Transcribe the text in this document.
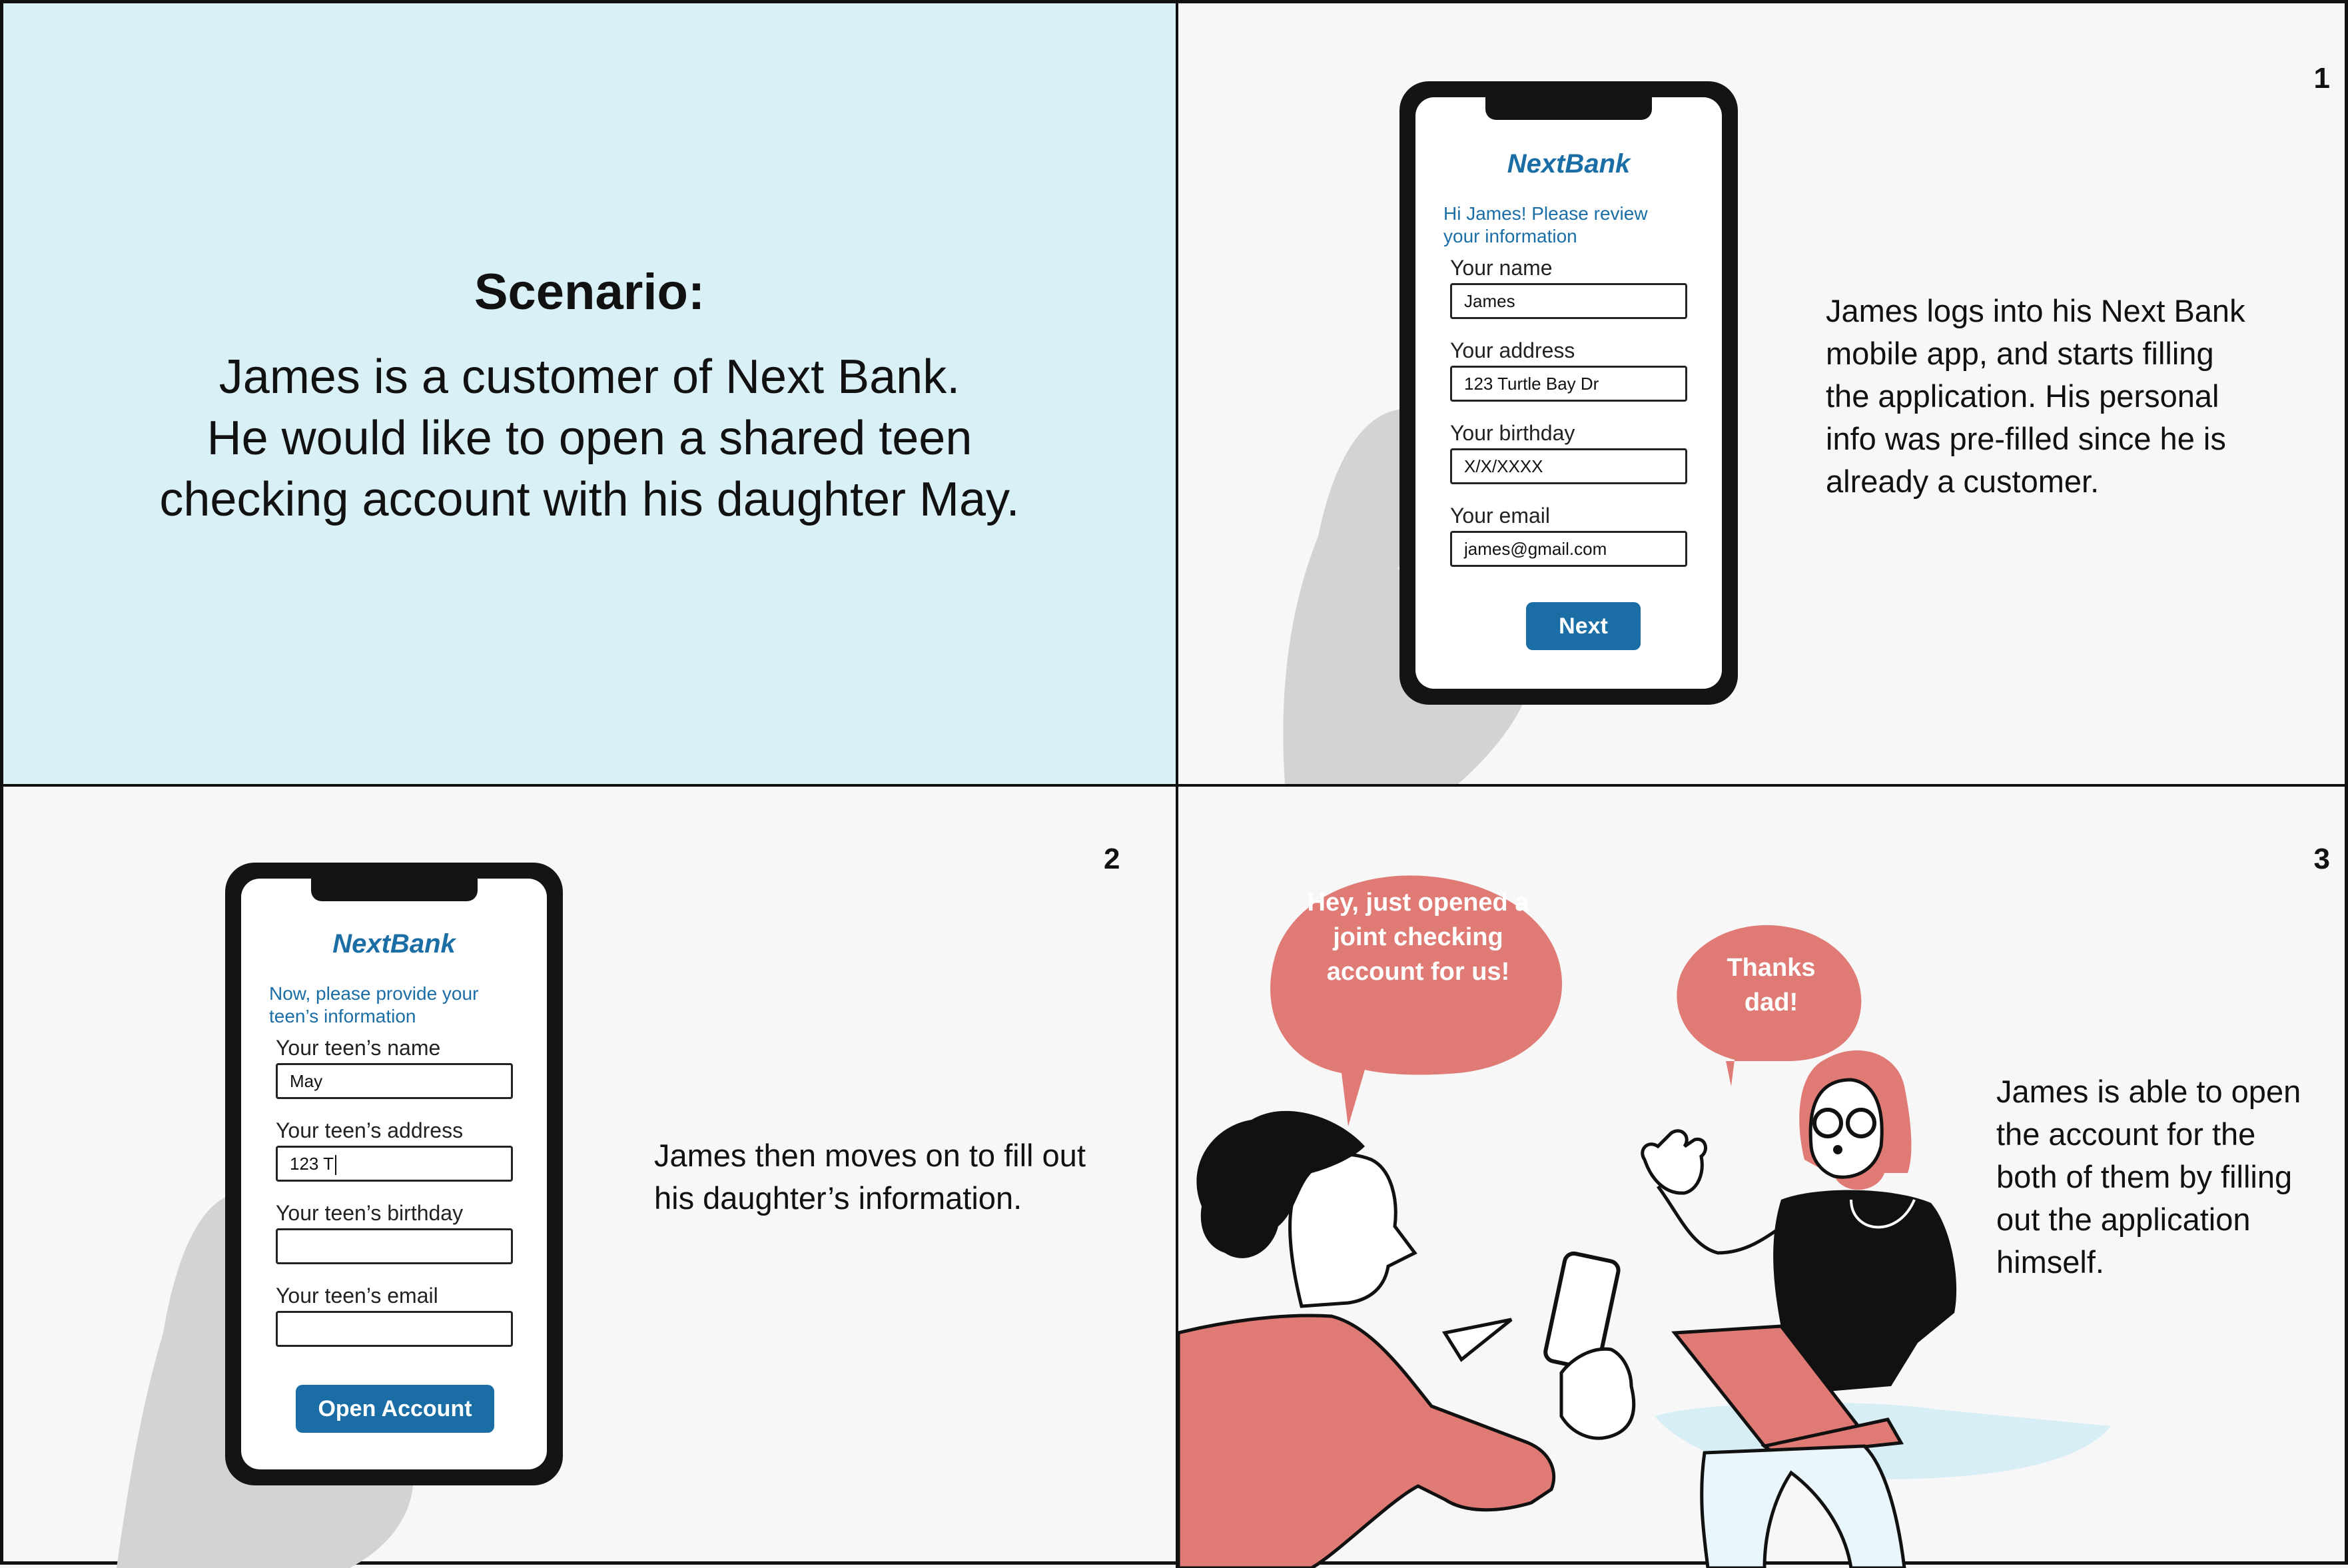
Scenario:
James is a customer of Next Bank.
He would like to open a shared teen
checking account with his daughter May.
1
NextBank
Hi James! Please review
your information
Your name
James
Your address
123 Turtle Bay Dr
Your birthday
X/X/XXXX
Your email
james@gmail.com
Next
James logs into his Next Bank
mobile app, and starts filling
the application. His personal
info was pre-filled since he is
already a customer.
2
NextBank
Now, please provide your
teen’s information
Your teen’s name
May
Your teen’s address
123 T
Your teen’s birthday
Your teen’s email
Open Account
James then moves on to fill out
his daughter’s information.
3
Hey, just opened a
joint checking
account for us!	Thanks
dad!
James is able to open
the account for the
both of them by filling
out the application
himself.
